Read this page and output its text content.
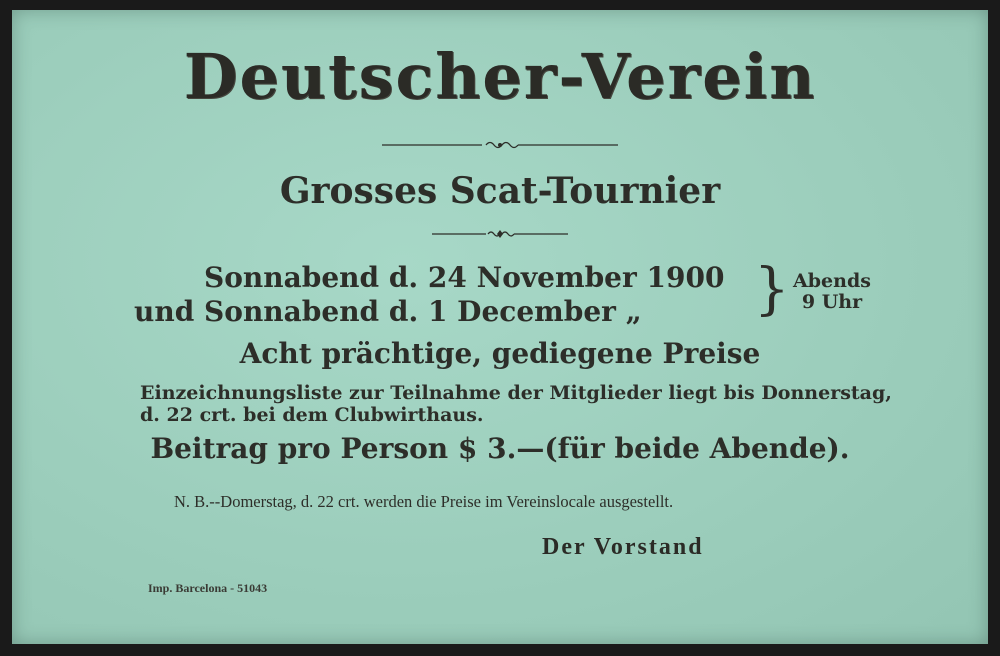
Deutscher-Verein
Grosses Scat-Tournier
Sonnabend d. 24 November 1900
und Sonnabend d. 1 December „ } Abends
9 Uhr
Acht prächtige, gediegene Preise
Einzeichnungsliste zur Teilnahme der Mitglieder liegt bis Donnerstag, d. 22 crt. bei dem Clubwirthaus.
Beitrag pro Person $ 3.—(für beide Abende).
N. B.--Domerstag, d. 22 crt. werden die Preise im Vereinslocale ausgestellt.
Der Vorstand
Imp. Barcelona - 51043
